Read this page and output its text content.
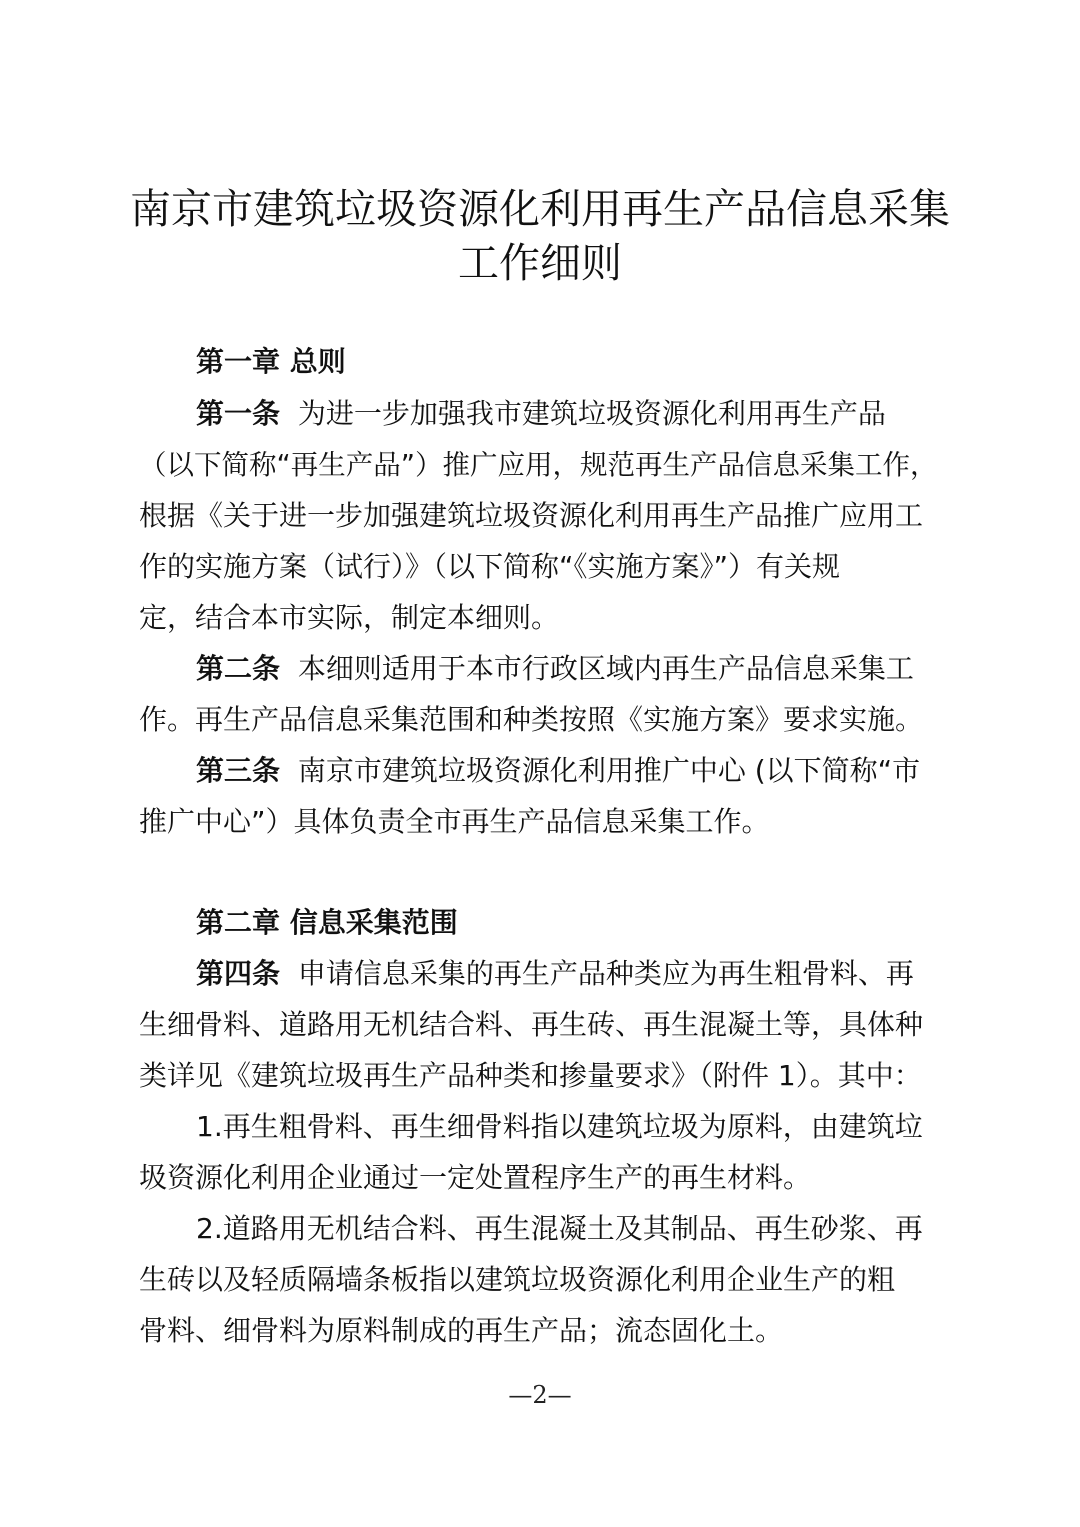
南京市建筑垃圾资源化利用再生产品信息采集
工作细则

第一章 总则

第一条 为进一步加强我市建筑垃圾资源化利用再生产品

（以下简称“再生产品”）推广应用，规范再生产品信息采集工作，

根据《关于进一步加强建筑垃圾资源化利用再生产品推广应用工

作的实施方案（试行）》（以下简称“《实施方案》”）有关规

定，结合本市实际，制定本细则。

第二条 本细则适用于本市行政区域内再生产品信息采集工

作。再生产品信息采集范围和种类按照《实施方案》要求实施。

第三条 南京市建筑垃圾资源化利用推广中心 (以下简称“市

推广中心”）具体负责全市再生产品信息采集工作。

第二章 信息采集范围

第四条 申请信息采集的再生产品种类应为再生粗骨料、再

生细骨料、道路用无机结合料、再生砖、再生混凝土等，具体种

类详见《建筑垃圾再生产品种类和掺量要求》（附件 1）。其中：

1.再生粗骨料、再生细骨料指以建筑垃圾为原料，由建筑垃

圾资源化利用企业通过一定处置程序生产的再生材料。

2.道路用无机结合料、再生混凝土及其制品、再生砂浆、再

生砖以及轻质隔墙条板指以建筑垃圾资源化利用企业生产的粗

骨料、细骨料为原料制成的再生产品；流态固化土。

—2—
